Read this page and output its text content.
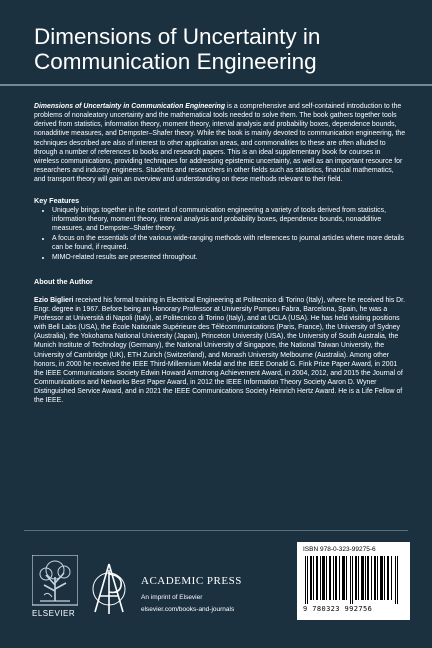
Dimensions of Uncertainty in
Communication Engineering

Dimensions of Uncertainty in Communication Engineering is a comprehensive and self-contained introduction to the problems of nonaleatory uncertainty and the mathematical tools needed to solve them. The book gathers together tools derived from statistics, information theory, moment theory, interval analysis and probability boxes, dependence bounds, nonadditive measures, and Dempster–Shafer theory. While the book is mainly devoted to communication engineering, the techniques described are also of interest to other application areas, and commonalities to these are often alluded to through a number of references to books and research papers. This is an ideal supplementary book for courses in wireless communications, providing techniques for addressing epistemic uncertainty, as well as an important resource for researchers and industry engineers. Students and researchers in other fields such as statistics, financial mathematics, and transport theory will gain an overview and understanding on these methods relevant to their field.

Key Features

• Uniquely brings together in the context of communication engineering a variety of tools derived from statistics, information theory, moment theory, interval analysis and probability boxes, dependence bounds, nonadditive measures, and Dempster–Shafer theory.
• A focus on the essentials of the various wide-ranging methods with references to journal articles where more details can be found, if required.
• MIMO-related results are presented throughout.

About the Author

Ezio Biglieri received his formal training in Electrical Engineering at Politecnico di Torino (Italy), where he received his Dr. Engr. degree in 1967. Before being an Honorary Professor at University Pompeu Fabra, Barcelona, Spain, he was a Professor at Università di Napoli (Italy), at Politecnico di Torino (Italy), and at UCLA (USA). He has held visiting positions with Bell Labs (USA), the École Nationale Supérieure des Télécommunications (Paris, France), the University of Sydney (Australia), the Yokohama National University (Japan), Princeton University (USA), the University of South Australia, the Munich Institute of Technology (Germany), the National University of Singapore, the National Taiwan University, the University of Cambridge (UK), ETH Zurich (Switzerland), and Monash University Melbourne (Australia). Among other honors, in 2000 he received the IEEE Third-Millennium Medal and the IEEE Donald G. Fink Prize Paper Award, in 2001 the IEEE Communications Society Edwin Howard Armstrong Achievement Award, in 2004, 2012, and 2015 the Journal of Communications and Networks Best Paper Award, in 2012 the IEEE Information Theory Society Aaron D. Wyner Distinguished Service Award, and in 2021 the IEEE Communications Society Heinrich Hertz Award. He is a Life Fellow of the IEEE.

ELSEVIER
ACADEMIC PRESS
An imprint of Elsevier
elsevier.com/books-and-journals
ISBN 978-0-323-99275-6
9 780323 992756
